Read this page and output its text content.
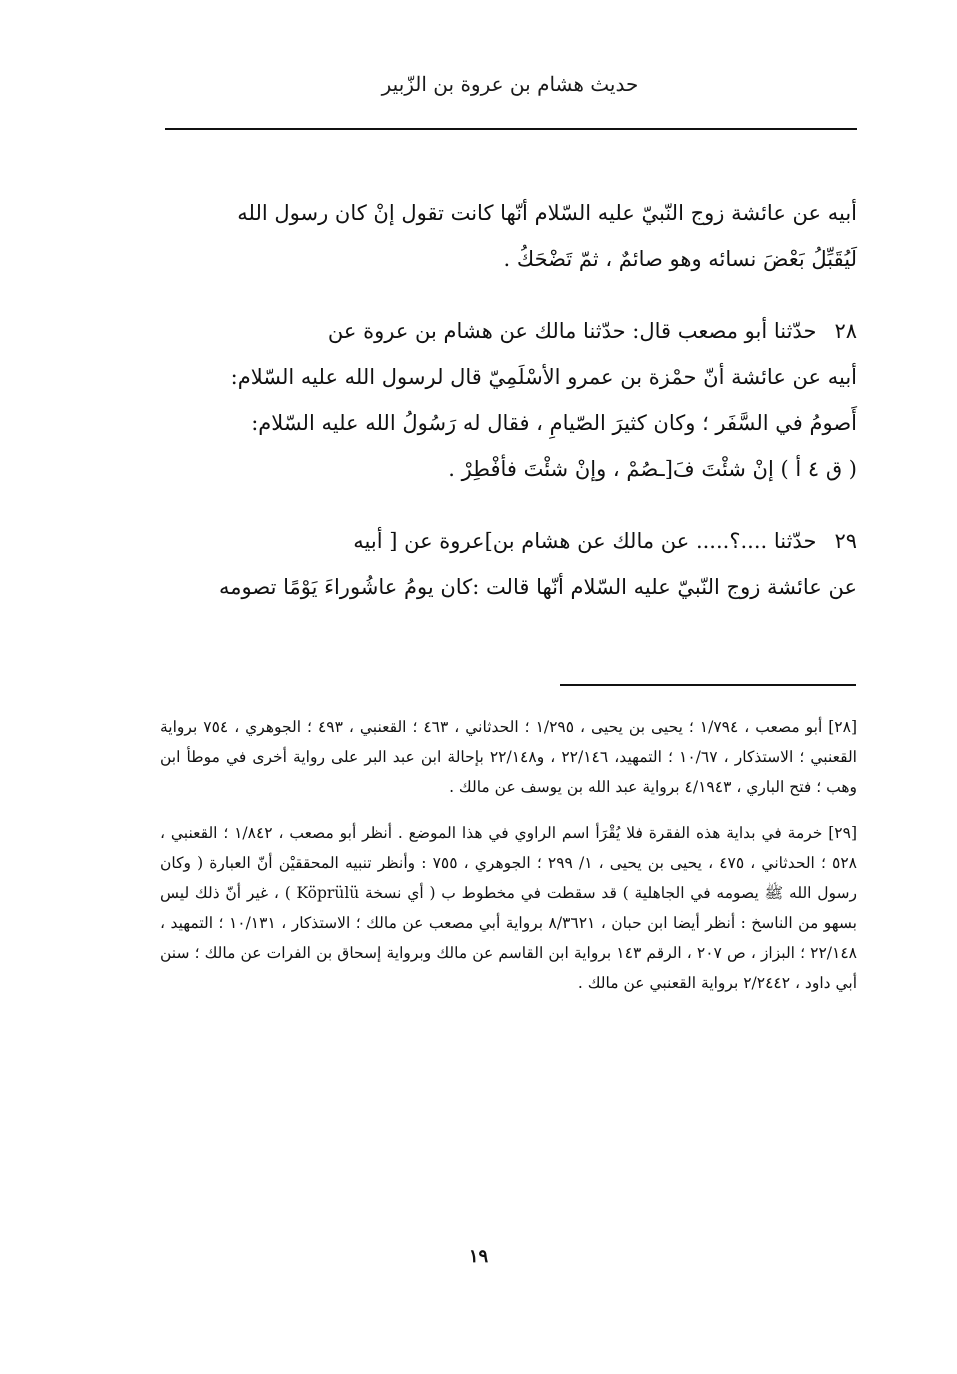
حديث هشام بن عروة بن الزّبير

أبيه عن عائشة زوج النّبيّ عليه السّلام أنّها كانت تقول إنْ كان رسول الله
لَيُقَبِّلُ بَعْضَ نسائه وهو صائمٌ ، ثمّ تَضْحَكُ .

٢٨حدّثنا أبو مصعب قال: حدّثنا مالك عن هشام بن عروة عن
أبيه عن عائشة أنّ حمْزة بن عمرو الأسْلَمِيّ قال لرسول الله عليه السّلام:
أَصومُ في السَّفَر ؛ وكان كثيرَ الصّيامِ ، فقال له رَسُولُ الله عليه السّلام:
( ق ٤ أ ) إنْ شئْتَ فَ[ـصُمْ ، وإنْ شئْتَ فأفْطِرْ .

٢٩حدّثنا ....؟..... عن مالك عن هشام بن]عروة عن [ أبيه
عن عائشة زوج النّبيّ عليه السّلام أنّها قالت :كان يومُ عاشُوراءَ يَوْمًا تصومه

[٢٨] أبو مصعب ، ١/٧٩٤ ؛ يحيى بن يحيى ، ١/٢٩٥ ؛ الحدثاني ، ٤٦٣ ؛ القعنبي ، ٤٩٣ ؛ الجوهري ، ٧٥٤ برواية القعنبي ؛ الاستذكار ، ١٠/٦٧ ؛ التمهيد، ٢٢/١٤٦ ، و٢٢/١٤٨ بإحالة ابن عبد البر على رواية أخرى في موطأ ابن وهب ؛ فتح الباري ، ٤/١٩٤٣ برواية عبد الله بن يوسف عن مالك .

[٢٩] خرمة في بداية هذه الفقرة فلا يُقْرَأ اسم الراوي في هذا الموضع . أنظر أبو مصعب ، ١/٨٤٢ ؛ القعنبي ، ٥٢٨ ؛ الحدثاني ، ٤٧٥ ، يحيى بن يحيى ، ١/ ٢٩٩ ؛ الجوهري ، ٧٥٥ : وأنظر تنبيه المحققيْن أنّ العبارة ( وكان رسول الله ﷺ يصومه في الجاهلية ) قد سقطت في مخطوط ب ( أي نسخة Köprülü ) ، غير أنّ ذلك ليس بسهو من الناسخ : أنظر أيضا ابن حبان ، ٨/٣٦٢١ برواية أبي مصعب عن مالك ؛ الاستذكار ، ١٠/١٣١ ؛ التمهيد ، ٢٢/١٤٨ ؛ البزاز ، ص ٢٠٧ ، الرقم ١٤٣ برواية ابن القاسم عن مالك وبرواية إسحاق بن الفرات عن مالك ؛ سنن أبي داود ، ٢/٢٤٤٢ برواية القعنبي عن مالك .

١٩
